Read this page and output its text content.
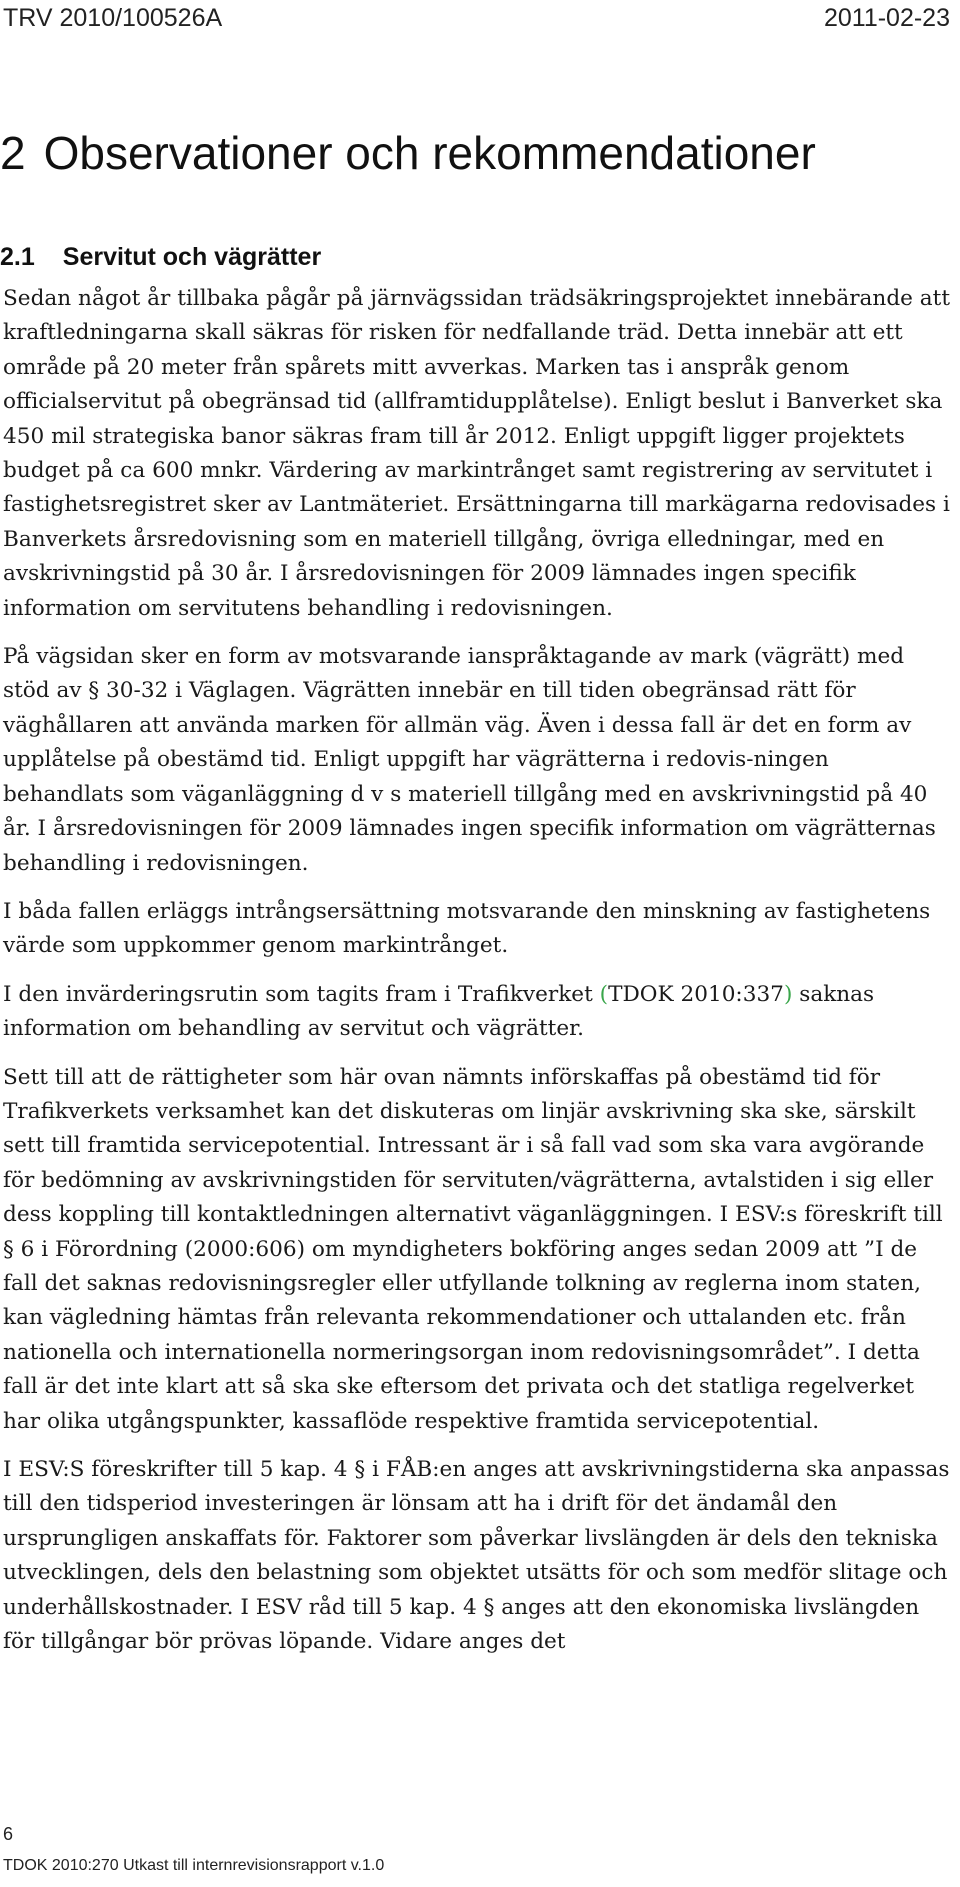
TRV 2010/100526A	2011-02-23
2 Observationer och rekommendationer
2.1 Servitut och vägrätter

Sedan något år tillbaka pågår på järnvägssidan trädsäkringsprojektet innebärande att kraftledningarna skall säkras för risken för nedfallande träd. Detta innebär att ett område på 20 meter från spårets mitt avverkas. Marken tas i anspråk genom officialservitut på obegränsad tid (allframtidupplåtelse). Enligt beslut i Banverket ska 450 mil strategiska banor säkras fram till år 2012. Enligt uppgift ligger projektets budget på ca 600 mnkr. Värdering av markintrånget samt registrering av servitutet i fastighetsregistret sker av Lantmäteriet. Ersättningarna till markägarna redovisades i Banverkets årsredovisning som en materiell tillgång, övriga elledningar, med en avskrivningstid på 30 år. I årsredovisningen för 2009 lämnades ingen specifik information om servitutens behandling i redovisningen.

På vägsidan sker en form av motsvarande ianspråktagande av mark (vägrätt) med stöd av § 30-32 i Väglagen. Vägrätten innebär en till tiden obegränsad rätt för väghållaren att använda marken för allmän väg. Även i dessa fall är det en form av upplåtelse på obestämd tid. Enligt uppgift har vägrätterna i redovis-ningen behandlats som väganläggning d v s materiell tillgång med en avskrivningstid på 40 år. I årsredovisningen för 2009 lämnades ingen specifik information om vägrätternas behandling i redovisningen.

I båda fallen erläggs intrångsersättning motsvarande den minskning av fastighetens värde som uppkommer genom markintrånget.

I den invärderingsrutin som tagits fram i Trafikverket (TDOK 2010:337) saknas information om behandling av servitut och vägrätter.

Sett till att de rättigheter som här ovan nämnts införskaffas på obestämd tid för Trafikverkets verksamhet kan det diskuteras om linjär avskrivning ska ske, särskilt sett till framtida servicepotential. Intressant är i så fall vad som ska vara avgörande för bedömning av avskrivningstiden för servituten/vägrätterna, avtalstiden i sig eller dess koppling till kontaktledningen alternativt väganläggningen. I ESV:s föreskrift till § 6 i Förordning (2000:606) om myndigheters bokföring anges sedan 2009 att ”I de fall det saknas redovisningsregler eller utfyllande tolkning av reglerna inom staten, kan vägledning hämtas från relevanta rekommendationer och uttalanden etc. från nationella och internationella normeringsorgan inom redovisningsområdet”. I detta fall är det inte klart att så ska ske eftersom det privata och det statliga regelverket har olika utgångspunkter, kassaflöde respektive framtida servicepotential.

I ESV:S föreskrifter till 5 kap. 4 § i FÅB:en anges att avskrivningstiderna ska anpassas till den tidsperiod investeringen är lönsam att ha i drift för det ändamål den ursprungligen anskaffats för. Faktorer som påverkar livslängden är dels den tekniska utvecklingen, dels den belastning som objektet utsätts för och som medför slitage och underhållskostnader. I ESV råd till 5 kap. 4 § anges att den ekonomiska livslängden för tillgångar bör prövas löpande. Vidare anges det

6
TDOK 2010:270 Utkast till internrevisionsrapport v.1.0
